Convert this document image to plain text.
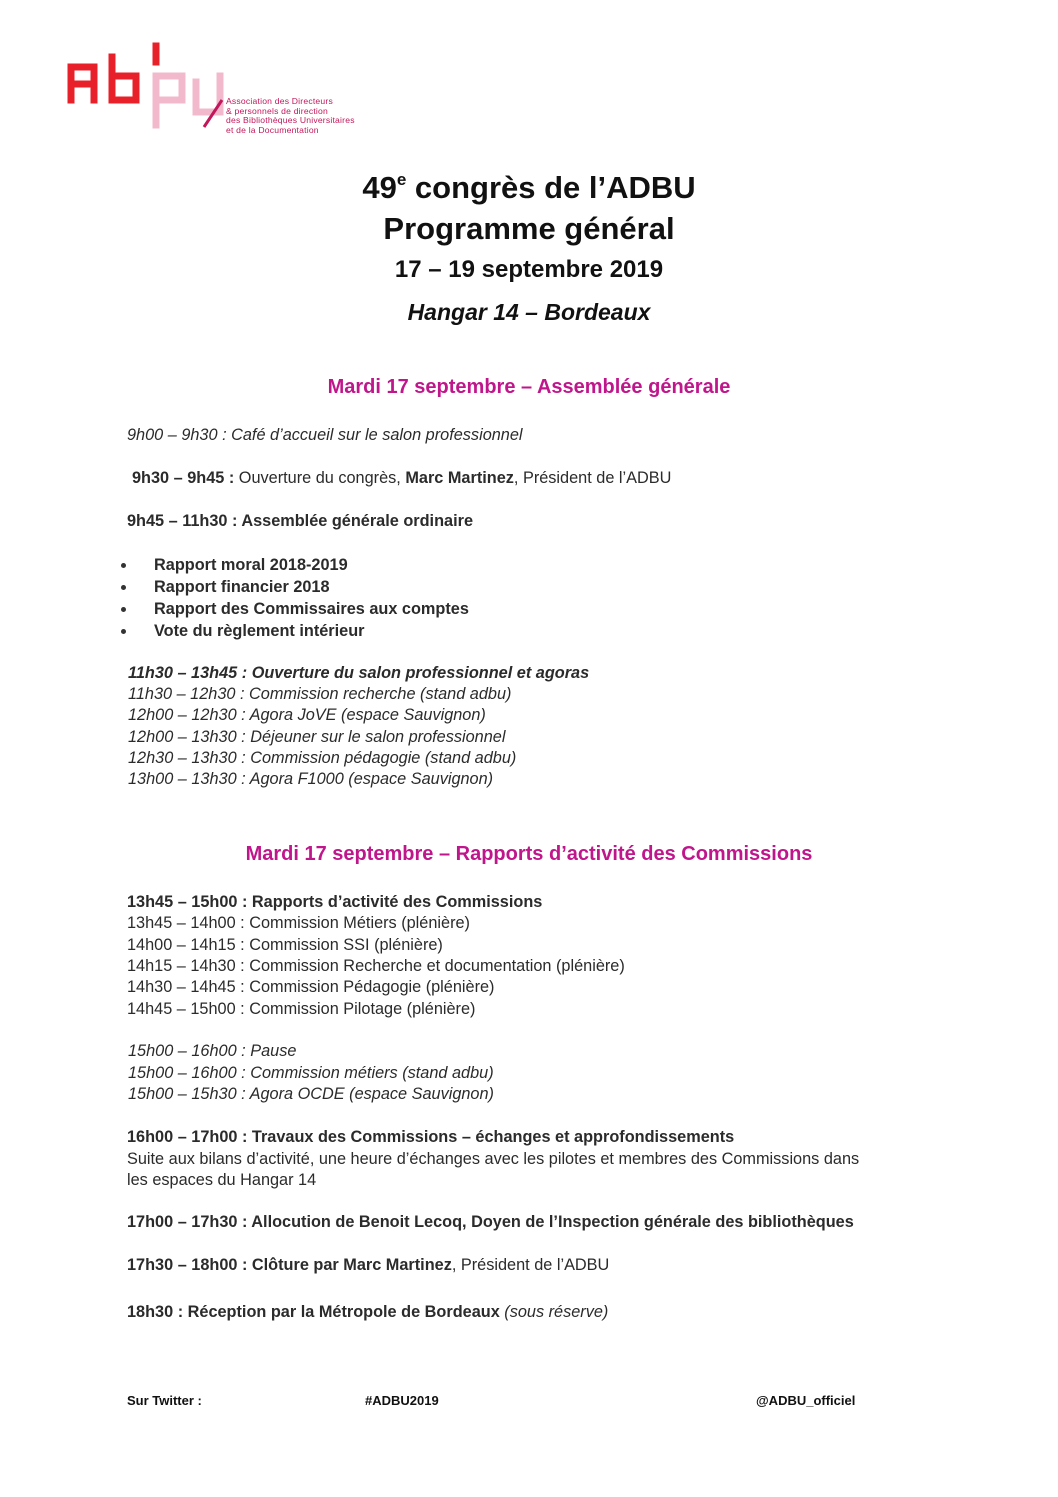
Association des Directeurs
& personnels de direction
des Bibliothèques Universitaires
et de la Documentation
49e congrès de l’ADBU
Programme général
17 – 19 septembre 2019
Hangar 14 – Bordeaux
Mardi 17 septembre – Assemblée générale
9h00 – 9h30 : Café d’accueil sur le salon professionnel
9h30 – 9h45 : Ouverture du congrès, Marc Martinez, Président de l’ADBU
9h45 – 11h30 : Assemblée générale ordinaire
Rapport moral 2018-2019
Rapport financier 2018
Rapport des Commissaires aux comptes
Vote du règlement intérieur
11h30 – 13h45 : Ouverture du salon professionnel et agoras
11h30 – 12h30 : Commission recherche (stand adbu)
12h00 – 12h30 : Agora JoVE (espace Sauvignon)
12h00 – 13h30 : Déjeuner sur le salon professionnel
12h30 – 13h30 : Commission pédagogie (stand adbu)
13h00 – 13h30 : Agora F1000 (espace Sauvignon)
Mardi 17 septembre – Rapports d’activité des Commissions
13h45 – 15h00 : Rapports d’activité des Commissions
13h45 – 14h00 : Commission Métiers (plénière)
14h00 – 14h15 : Commission SSI (plénière)
14h15 – 14h30 : Commission Recherche et documentation (plénière)
14h30 – 14h45 : Commission Pédagogie (plénière)
14h45 – 15h00 : Commission Pilotage (plénière)
15h00 – 16h00 : Pause
15h00 – 16h00 : Commission métiers (stand adbu)
15h00 – 15h30 : Agora OCDE (espace Sauvignon)
16h00 – 17h00 : Travaux des Commissions – échanges et approfondissements
Suite aux bilans d’activité, une heure d’échanges avec les pilotes et membres des Commissions dans
les espaces du Hangar 14
17h00 – 17h30 : Allocution de Benoit Lecoq, Doyen de l’Inspection générale des bibliothèques
17h30 – 18h00 : Clôture par Marc Martinez, Président de l’ADBU
18h30 : Réception par la Métropole de Bordeaux (sous réserve)
Sur Twitter :	#ADBU2019	@ADBU_officiel
